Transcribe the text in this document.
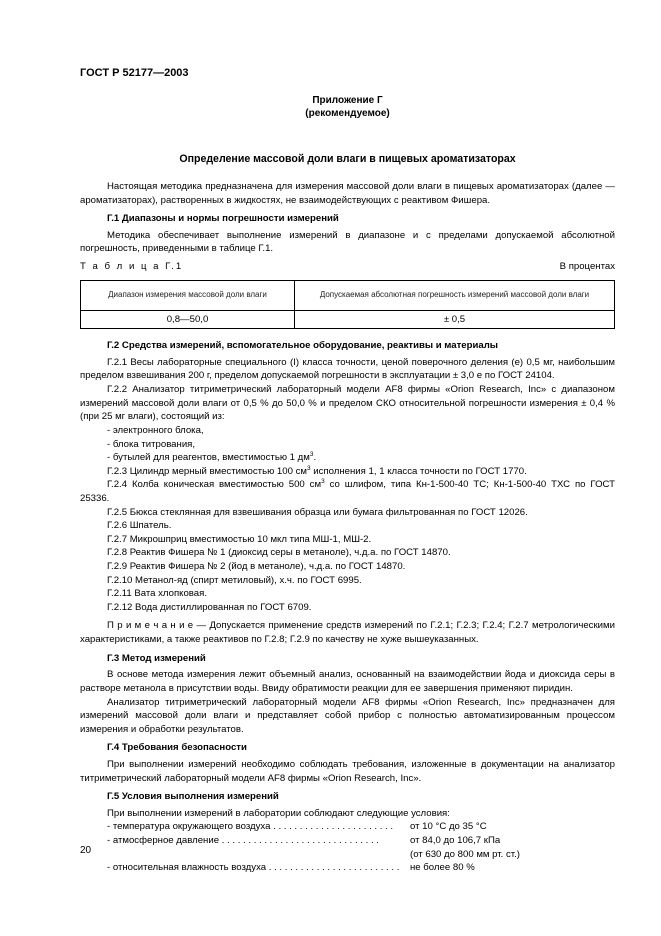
ГОСТ Р 52177—2003
Приложение Г
(рекомендуемое)
Определение массовой доли влаги в пищевых ароматизаторах

Настоящая методика предназначена для измерения массовой доли влаги в пищевых ароматизаторах (далее — ароматизаторах), растворенных в жидкостях, не взаимодействующих с реактивом Фишера.

Г.1 Диапазоны и нормы погрешности измерений

Методика обеспечивает выполнение измерений в диапазоне и с пределами допускаемой абсолютной погрешность, приведенными в таблице Г.1.

Т а б л и ц а Г.1	В процентах
Диапазон измерения массовой доли влаги	Допускаемая абсолютная погрешность измерений массовой доли влаги
0,8—50,0	± 0,5
Г.2 Средства измерений, вспомогательное оборудование, реактивы и материалы

Г.2.1 Весы лабораторные специального (I) класса точности, ценой поверочного деления (е) 0,5 мг, наибольшим пределом взвешивания 200 г, пределом допускаемой погрешности в эксплуатации ± 3,0 е по ГОСТ 24104.

Г.2.2 Анализатор титриметрический лабораторный модели AF8 фирмы «Orion Research, Inc» с диапазоном измерений массовой доли влаги от 0,5 % до 50,0 % и пределом СКО относительной погрешности измерения ± 0,4 % (при 25 мг влаги), состоящий из:

- электронного блока,
- блока титрования,
- бутылей для реагентов, вместимостью 1 $дм^3$.

Г.2.3 Цилиндр мерный вместимостью 100 $см^3$ исполнения 1, 1 класса точности по ГОСТ 1770.

Г.2.4 Колба коническая вместимостью 500 $см^3$ со шлифом, типа Кн-1-500-40 ТС; Кн-1-500-40 ТХС по ГОСТ 25336.

Г.2.5 Бюкса стеклянная для взвешивания образца или бумага фильтрованная по ГОСТ 12026.

Г.2.6 Шпатель.

Г.2.7 Микрошприц вместимостью 10 мкл типа МШ-1, МШ-2.

Г.2.8 Реактив Фишера № 1 (диоксид серы в метаноле), ч.д.а. по ГОСТ 14870.

Г.2.9 Реактив Фишера № 2 (йод в метаноле), ч.д.а. по ГОСТ 14870.

Г.2.10 Метанол-яд (спирт метиловый), х.ч. по ГОСТ 6995.

Г.2.11 Вата хлопковая.

Г.2.12 Вода дистиллированная по ГОСТ 6709.

П р и м е ч а н и е — Допускается применение средств измерений по Г.2.1; Г.2.3; Г.2.4; Г.2.7 метрологическими характеристиками, а также реактивов по Г.2.8; Г.2.9 по качеству не хуже вышеуказанных.

Г.3 Метод измерений

В основе метода измерения лежит объемный анализ, основанный на взаимодействии йода и диоксида серы в растворе метанола в присутствии воды. Ввиду обратимости реакции для ее завершения применяют пиридин.

Анализатор титриметрический лабораторный модели AF8 фирмы «Orion Research, Inc» предназначен для измерений массовой доли влаги и представляет собой прибор с полностью автоматизированным процессом измерения и обработки результатов.

Г.4 Требования безопасности

При выполнении измерений необходимо соблюдать требования, изложенные в документации на анализатор титриметрический лабораторный модели AF8 фирмы «Orion Research, Inc».

Г.5 Условия выполнения измерений

При выполнении измерений в лаборатории соблюдают следующие условия:

- температура окружающего воздуха . . . . . . . . . . . . . . . . . . . . . . .	от 10 °С до 35 °С
- атмосферное давление . . . . . . . . . . . . . . . . . . . . . . . . . . . . . .	от 84,0 до 106,7 кПа
(от 630 до 800 мм рт. ст.)
- относительная влажность воздуха . . . . . . . . . . . . . . . . . . . . . . . . .	не более 80 %
20
